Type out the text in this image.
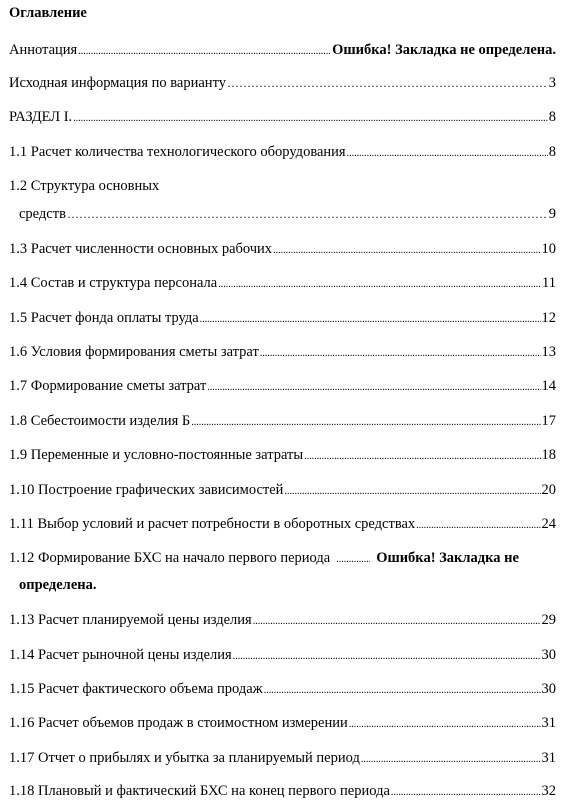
Оглавление
Аннотация .....	Ошибка! Закладка не определена.
Исходная информация по варианту …………………………………………………………………………………………………………………………	3
РАЗДЕЛ I. .....	8
1.1 Расчет количества технологического оборудования .....	8
1.2 Структура основных
средств …………………………………………………………………………………………………………………………	9
1.3 Расчет численности основных рабочих .....	10
1.4 Состав и структура персонала .....	11
1.5 Расчет фонда оплаты труда .....	12
1.6 Условия формирования сметы затрат .....	13
1.7 Формирование сметы затрат .....	14
1.8 Себестоимости изделия Б .....	17
1.9 Переменные и условно-постоянные затраты .....	18
1.10 Построение графических зависимостей .....	20
1.11 Выбор условий и расчет потребности в оборотных средствах .....	24
1.12 Формирование БХС на начало первого периода .....	Ошибка! Закладка не
определена.
1.13 Расчет планируемой цены изделия .....	29
1.14 Расчет рыночной цены изделия .....	30
1.15 Расчет фактического объема продаж .....	30
1.16 Расчет объемов продаж в стоимостном измерении .....	31
1.17 Отчет о прибылях и убытка за планируемый период .....	31
1.18 Плановый и фактический БХС на конец первого периода .....	32
